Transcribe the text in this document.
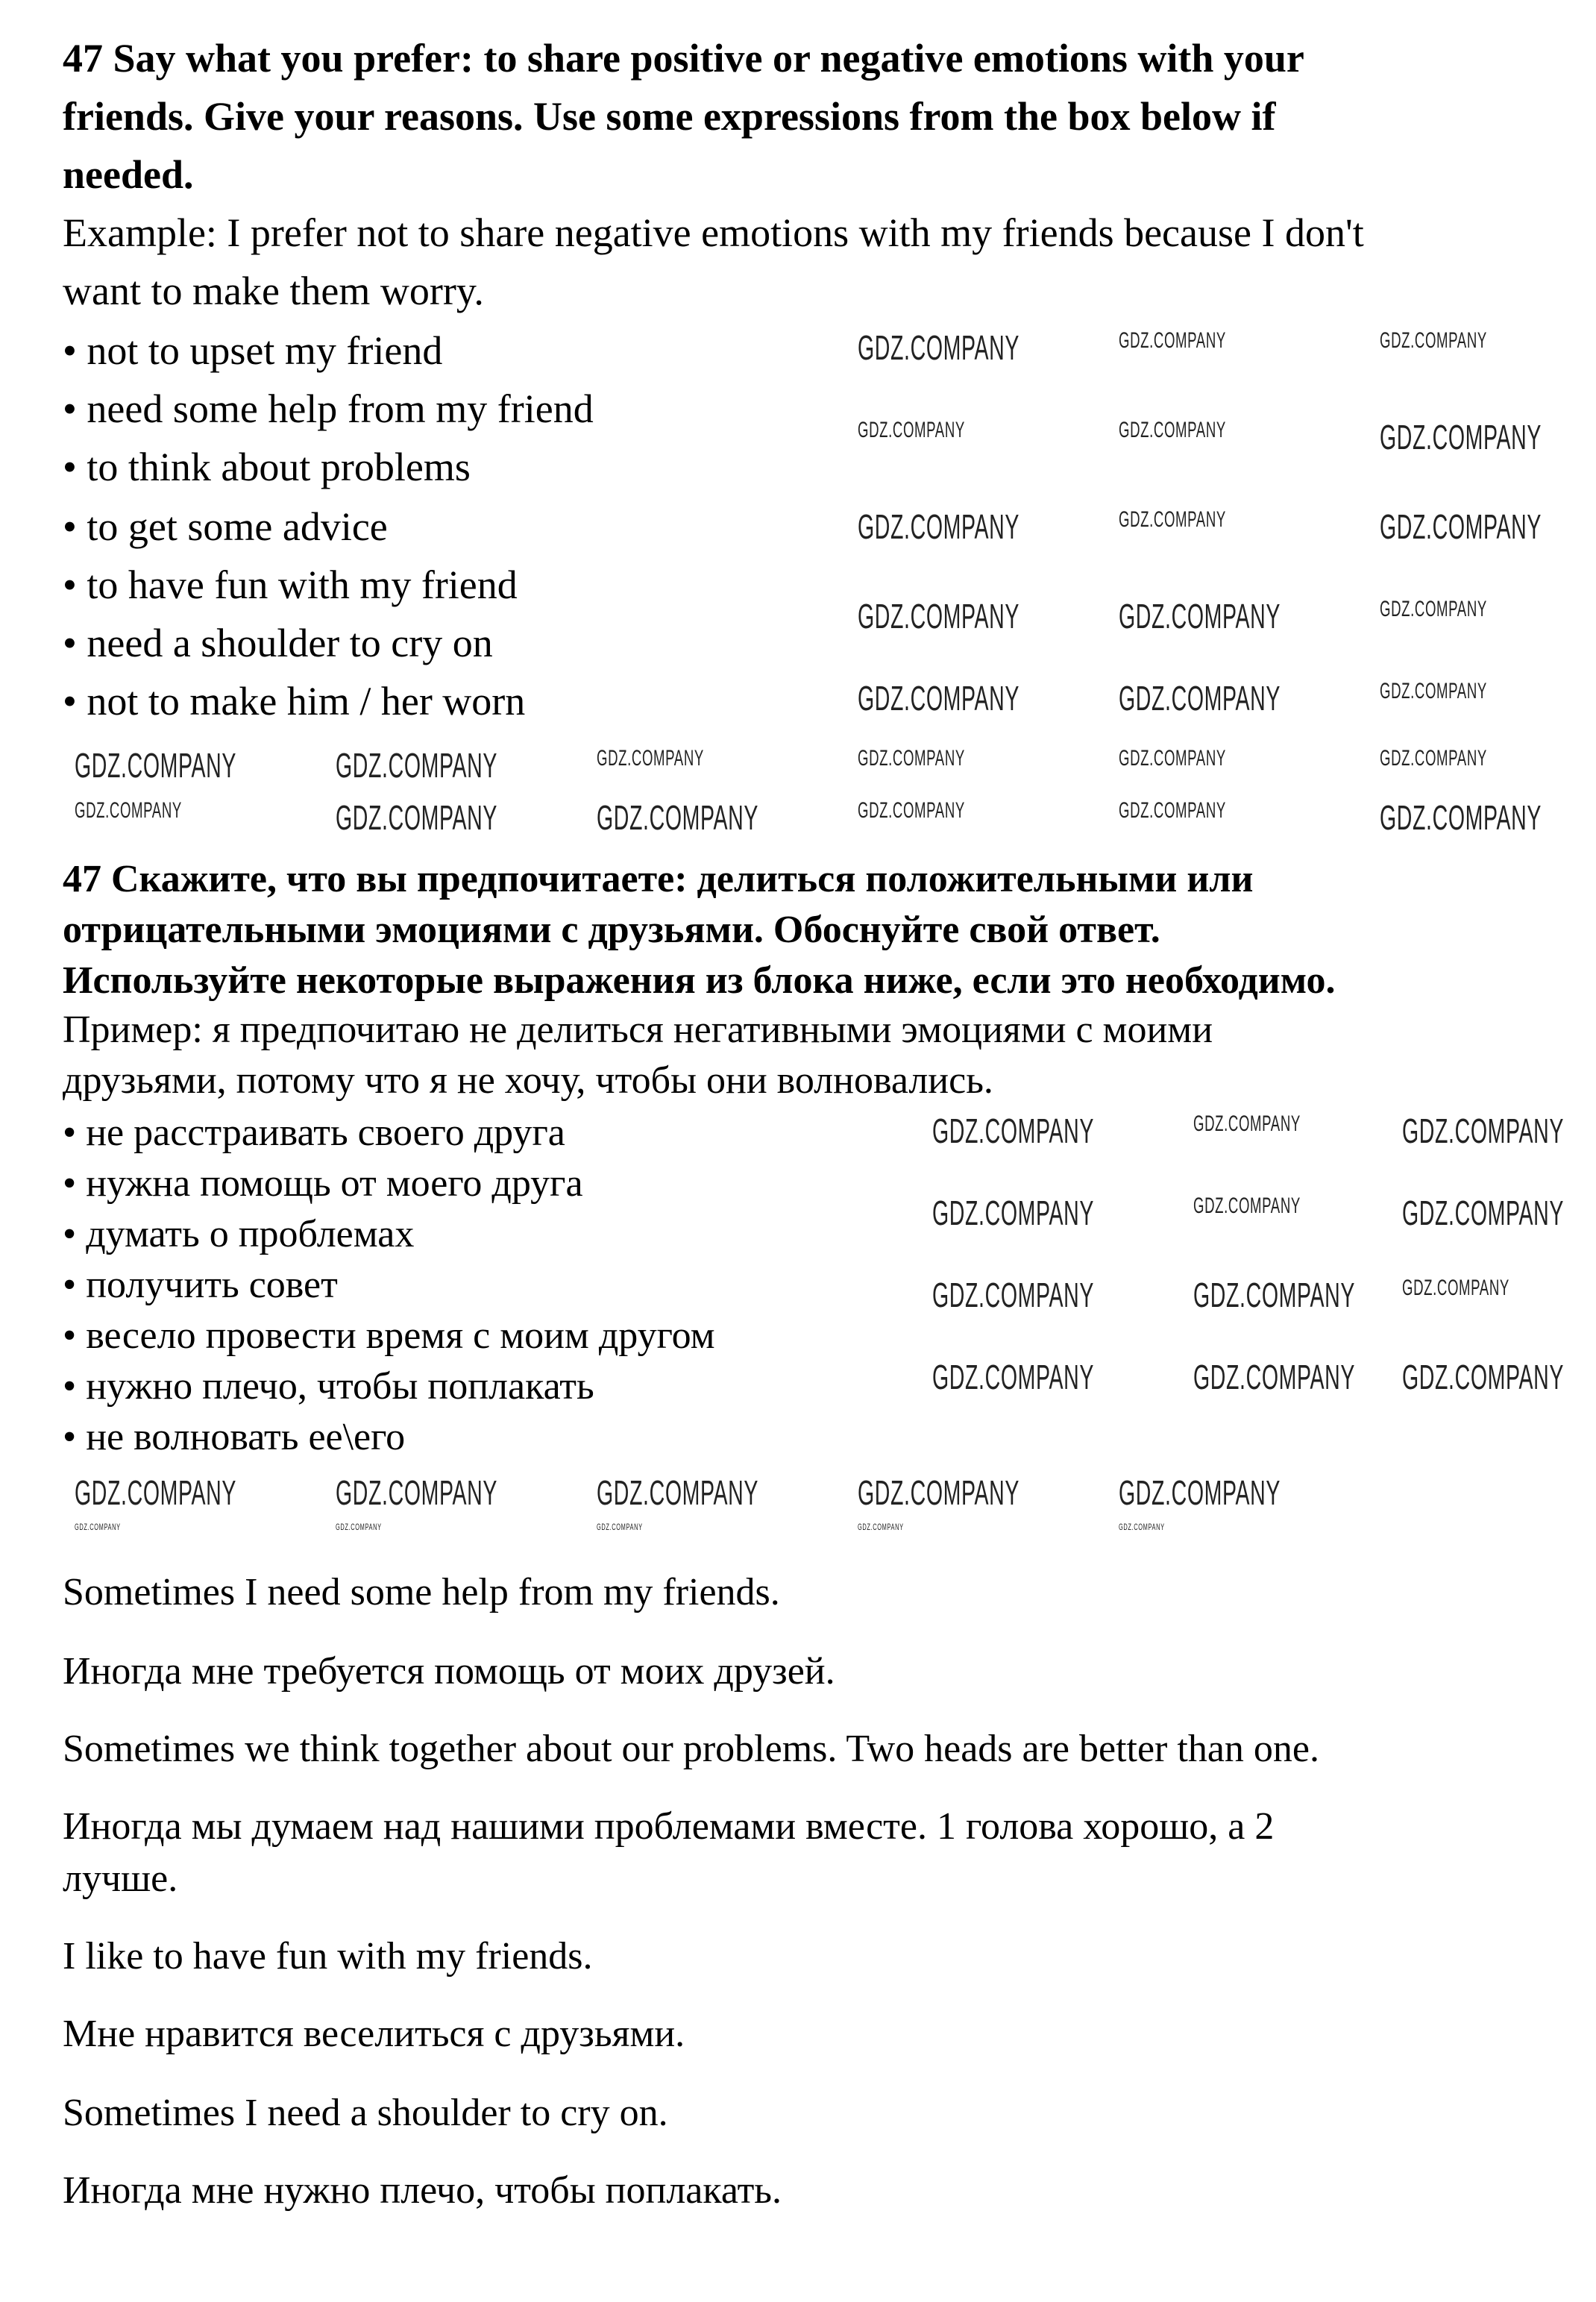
47 Say what you prefer: to share positive or negative emotions with your
friends. Give your reasons. Use some expressions from the box below if
needed.
Example: I prefer not to share negative emotions with my friends because I don't
want to make them worry.
• not to upset my friend
• need some help from my friend
• to think about problems
• to get some advice
• to have fun with my friend
• need a shoulder to cry on
• not to make him / her worn
47 Скажите, что вы предпочитаете: делиться положительными или
отрицательными эмоциями с друзьями. Обоснуйте свой ответ.
Используйте некоторые выражения из блока ниже, если это необходимо.
Пример: я предпочитаю не делиться негативными эмоциями с моими
друзьями, потому что я не хочу, чтобы они волновались.
• не расстраивать своего друга
• нужна помощь от моего друга
• думать о проблемах
• получить совет
• весело провести время с моим другом
• нужно плечо, чтобы поплакать
• не волновать ее\его
Sometimes I need some help from my friends.
Иногда мне требуется помощь от моих друзей.
Sometimes we think together about our problems. Two heads are better than one.
Иногда мы думаем над нашими проблемами вместе. 1 голова хорошо, а 2
лучше.
I like to have fun with my friends.
Мне нравится веселиться с друзьями.
Sometimes I need a shoulder to cry on.
Иногда мне нужно плечо, чтобы поплакать.
GDZ.COMPANY	GDZ.COMPANY	GDZ.COMPANY
GDZ.COMPANY	GDZ.COMPANY	GDZ.COMPANY
GDZ.COMPANY	GDZ.COMPANY	GDZ.COMPANY
GDZ.COMPANY	GDZ.COMPANY	GDZ.COMPANY
GDZ.COMPANY	GDZ.COMPANY	GDZ.COMPANY
GDZ.COMPANY	GDZ.COMPANY	GDZ.COMPANY	GDZ.COMPANY	GDZ.COMPANY	GDZ.COMPANY
GDZ.COMPANY	GDZ.COMPANY	GDZ.COMPANY	GDZ.COMPANY	GDZ.COMPANY	GDZ.COMPANY
GDZ.COMPANY	GDZ.COMPANY	GDZ.COMPANY
GDZ.COMPANY	GDZ.COMPANY	GDZ.COMPANY
GDZ.COMPANY	GDZ.COMPANY GDZ.COMPANY
GDZ.COMPANY	GDZ.COMPANY GDZ.COMPANY
GDZ.COMPANY	GDZ.COMPANY	GDZ.COMPANY	GDZ.COMPANY	GDZ.COMPANY
GDZ.COMPANY	GDZ.COMPANY	GDZ.COMPANY	GDZ.COMPANY	GDZ.COMPANY
